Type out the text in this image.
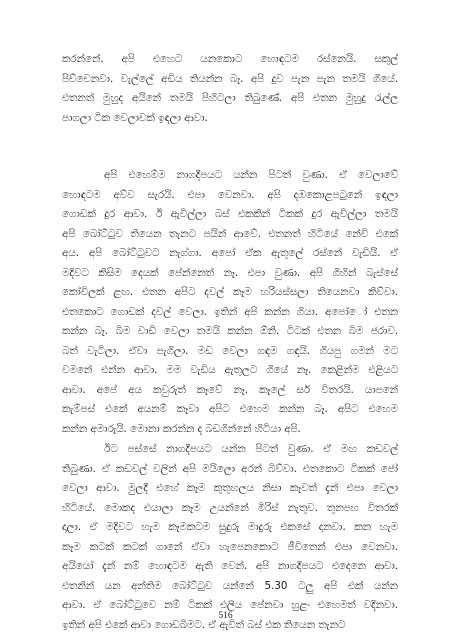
කරන්නේ. අපි එහෙට යනකොට හොඳටම රස්නෙයි. සකුල්
පිච්චෙනවා. වැල්ලේ අඩිය තියන්න බෑ. අපි දුව පැන පැන තමයි ගියේ.
එතනත් මුහුද අයිනේ තමයි පිහිටලා තිබුණේ. අපි එතන මුහුදු රැල්ල
පාගලා ටික වෙලාවක් ඉඳලා ආවා.
අපි එහෙම්ම නාගදීපයට යන්න පිටත් වුණා. ඒ වෙලාවේ
හොඳටම අව්ව සැරයි. එපා වෙනවා. අපි දඹකොළපටුනේ ඉඳලා
ගොඩක් දුර ආවා. ඊ ඇවිල්ලා බස් එකකින් ටිකක් දුර ඇවිල්ලා තමයි
අපි බෝට්ටුව තියෙන තැනට පයින් ආවේ. එතනත් හිටියේ නේවි එකේ
අය. අපි බෝට්ටුවට නැග්ගා. අපෝ ඒක ඇතුලේ රස්නේ වැඩියි. ඒ
මදිවට කිසිම දෙයක් පේන්නෙත් නෑ. එපා වුණා. අපි ගිහින් බැස්සේ
කෝවිලක් ළඟ. එතන අපිට දවල් කෑම හරියස්සලා තියෙනවා කිව්වා.
එතකොට ගොඩක් දවල් වෙලා. ඉතින් අපි කන්න ගියා. අපෝෝ එතන
කන්න බෑ. බිම වාඩි වෙලා තමයි කන්න ඕනි. ටිටක් එතන බිම ජරාව.
බත් වැටිලා. ඒවා පැගිලා. මඩ වෙලා ගඳම ගඳයි. ගියපු ගමන් මට
වමනේ එන්න ආවා. මම වැඩිය ඇතුලට ගියේ නෑ. කෙළින්ම එළියට
ආවා. අපේ අය කවුරුත් කෑවේ නෑ. කෑලේ සර් විතරයි. යාපනේ
කැම්පස් එකේ අයනම් කෑවා අපිට එහෙම කන්න බෑ. අපිට එහෙම
කන්න අමාරුයි. මොනා කරන්න ද බඩගින්නේ හිටියා අපි.
ඊට පස්සේ නාගදීපයට යන්න පිටත් වුණා. ඒ මඟ කඩවල්
තිබුණා. ඒ කඩවල් වලින් අපි මයිලො අරන් බිව්වා. එතකොට ටිකක් ජෝ
වෙලා ආවා. මුලදී එහේ කෑම කුතුහලය නිසා කෑවත් දැන් එපා වෙලා
හිටියේ. මොකද එයාලා කෑම උයන්නේ මිරිස් නැතුව. තුනපහ විතරක්
දාලා. ඒ මදිවට හැම කෑමකටම සුදුරු මාදුරු එකසේ දානවා. කන හැම
කෑම කටක් කටක් ගානේ ඒවා හැපෙනකොට ජීවිතෙන් එපා වෙනවා.
අයියෝ දැන් නම් හොඳටම ඇති වෙන්. අපි නාගදීපයට එදෙනෙ ආවා.
එතනින් යන අන්තිම බෝට්ටුව යන්නේ 5.30 ටලු අපි එක් යන්න
ආවා. ඒ බෝට්ටුවෙ නම් ටිකක් එලිය පේනවා හුළං එහෙමත් වදිනවා.
ඉතින් අපි එකේ ආවා ගොඩබිමට. ඒ ඇවිත් බස් එක තියෙන තැනට
516
